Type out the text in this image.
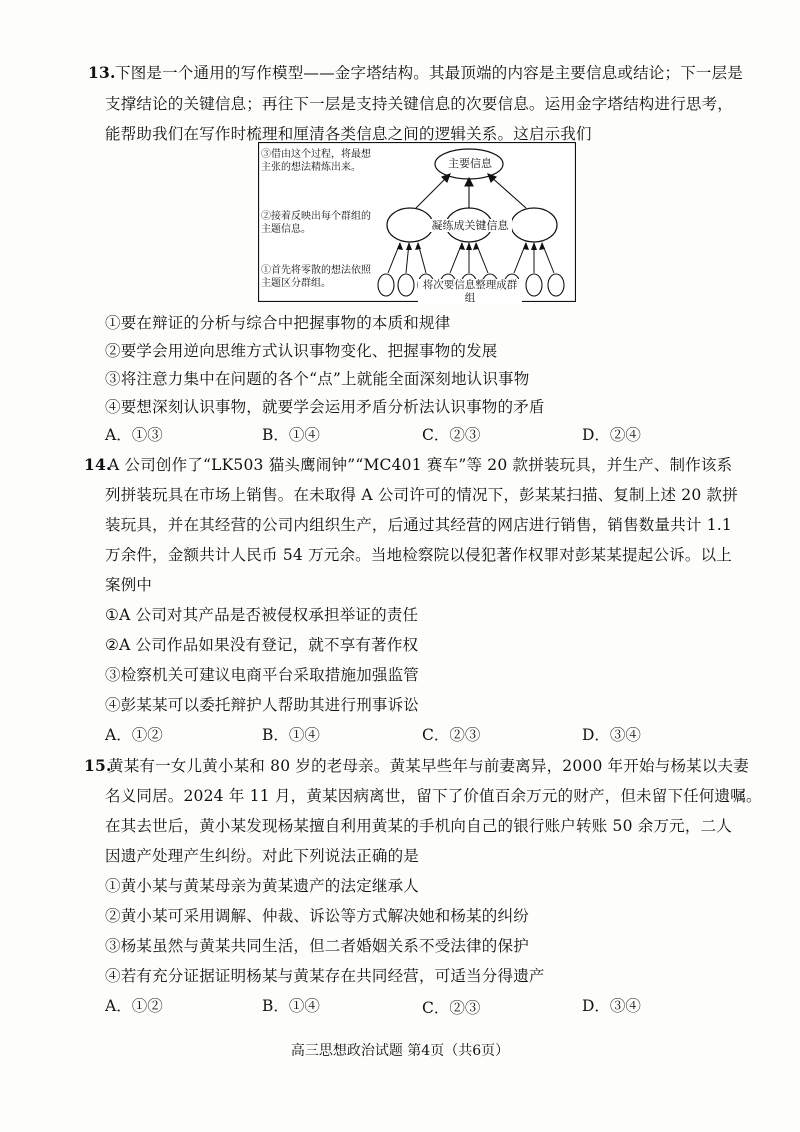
13. 下图是一个通用的写作模型——金字塔结构。其最顶端的内容是主要信息或结论；下一层是
支撑结论的关键信息；再往下一层是支持关键信息的次要信息。运用金字塔结构进行思考，
能帮助我们在写作时梳理和厘清各类信息之间的逻辑关系。这启示我们
③借由这个过程，将最想主张的想法精炼出来。
②接着反映出每个群组的主题信息。
①首先将零散的想法依照主题区分群组。
主要信息
凝练成关键信息
将次要信息整理成群组
①要在辩证的分析与综合中把握事物的本质和规律
②要学会用逆向思维方式认识事物变化、把握事物的发展
③将注意力集中在问题的各个“点”上就能全面深刻地认识事物
④要想深刻认识事物，就要学会运用矛盾分析法认识事物的矛盾
A．①③	B．①④	C．②③	D．②④
14.
A 公司创作了“LK503 猫头鹰闹钟”“MC401 赛车”等 20 款拼装玩具，并生产、制作该系
列拼装玩具在市场上销售。在未取得 A 公司许可的情况下，彭某某扫描、复制上述 20 款拼
装玩具，并在其经营的公司内组织生产，后通过其经营的网店进行销售，销售数量共计 1.1
万余件，金额共计人民币 54 万元余。当地检察院以侵犯著作权罪对彭某某提起公诉。以上
案例中
①A 公司对其产品是否被侵权承担举证的责任
②A 公司作品如果没有登记，就不享有著作权
③检察机关可建议电商平台采取措施加强监管
④彭某某可以委托辩护人帮助其进行刑事诉讼
A．①②	B．①④	C．②③	D．③④
15.
黄某有一女儿黄小某和 80 岁的老母亲。黄某早些年与前妻离异，2000 年开始与杨某以夫妻
名义同居。2024 年 11 月，黄某因病离世，留下了价值百余万元的财产，但未留下任何遗嘱。
在其去世后，黄小某发现杨某擅自利用黄某的手机向自己的银行账户转账 50 余万元，二人
因遗产处理产生纠纷。对此下列说法正确的是
①黄小某与黄某母亲为黄某遗产的法定继承人
②黄小某可采用调解、仲裁、诉讼等方式解决她和杨某的纠纷
③杨某虽然与黄某共同生活，但二者婚姻关系不受法律的保护
④若有充分证据证明杨某与黄某存在共同经营，可适当分得遗产
A．①②	B．①④	C．②③	D．③④
高三思想政治试题 第4页（共6页）
